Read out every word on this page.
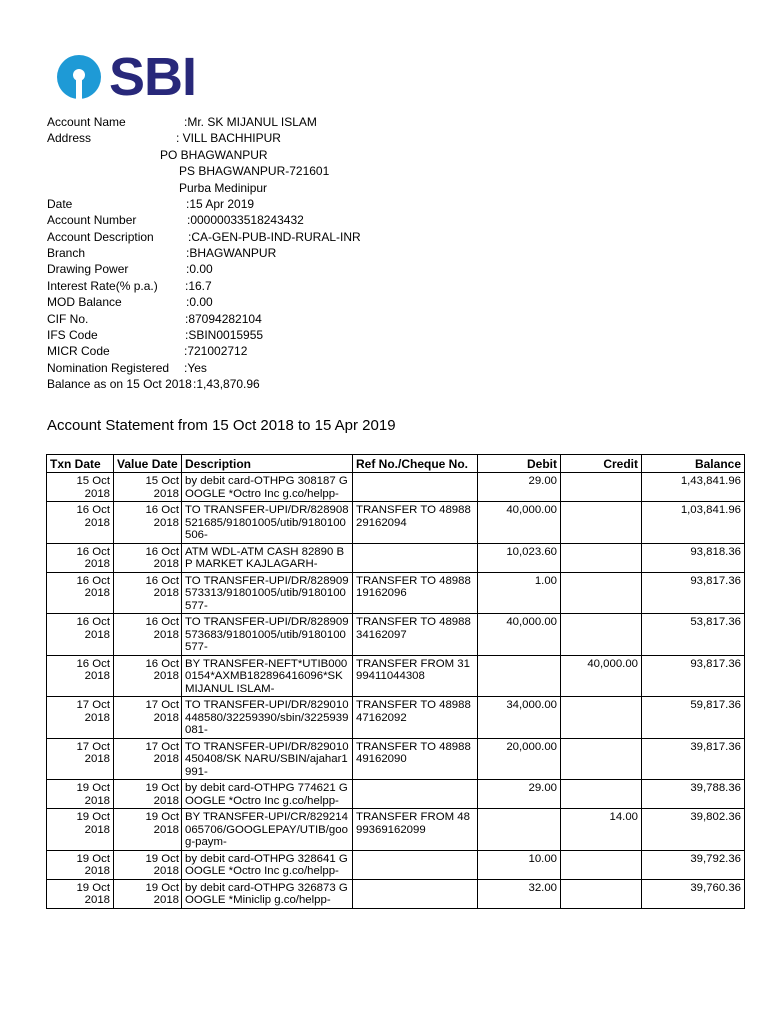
SBI
Account Name	:Mr. SK MIJANUL ISLAM
Address	: VILL BACHHIPUR
PO BHAGWANPUR
PS BHAGWANPUR-721601
Purba Medinipur
Date	:15 Apr 2019
Account Number	:00000033518243432
Account Description	:CA-GEN-PUB-IND-RURAL-INR
Branch	:BHAGWANPUR
Drawing Power	:0.00
Interest Rate(% p.a.) :16.7
MOD Balance	:0.00
CIF No.	:87094282104
IFS Code	:SBIN0015955
MICR Code	:721002712
Nomination Registered :Yes
Balance as on 15 Oct 2018 :1,43,870.96
Account Statement from 15 Oct 2018 to 15 Apr 2019
Txn Date	Value Date	Description	Ref No./Cheque No.	Debit	Credit	Balance
15 Oct 2018	15 Oct 2018	by debit card-OTHPG 308187 GOOGLE *Octro Inc g.co/helpp-		29.00		1,43,841.96
16 Oct 2018	16 Oct 2018	TO TRANSFER-UPI/DR/828908521685/91801005/utib/9180100506-	TRANSFER TO 4898829162094	40,000.00		1,03,841.96
16 Oct 2018	16 Oct 2018	ATM WDL-ATM CASH 82890 BP MARKET KAJLAGARH-		10,023.60		93,818.36
16 Oct 2018	16 Oct 2018	TO TRANSFER-UPI/DR/828909573313/91801005/utib/9180100577-	TRANSFER TO 4898819162096	1.00		93,817.36
16 Oct 2018	16 Oct 2018	TO TRANSFER-UPI/DR/828909573683/91801005/utib/9180100577-	TRANSFER TO 4898834162097	40,000.00		53,817.36
16 Oct 2018	16 Oct 2018	BY TRANSFER-NEFT*UTIB0000154*AXMB182896416096*SK MIJANUL ISLAM-	TRANSFER FROM 3199411044308		40,000.00	93,817.36
17 Oct 2018	17 Oct 2018	TO TRANSFER-UPI/DR/829010448580/32259390/sbin/3225939081-	TRANSFER TO 4898847162092	34,000.00		59,817.36
17 Oct 2018	17 Oct 2018	TO TRANSFER-UPI/DR/829010450408/SK NARU/SBIN/ajahar1991-	TRANSFER TO 4898849162090	20,000.00		39,817.36
19 Oct 2018	19 Oct 2018	by debit card-OTHPG 774621 GOOGLE *Octro Inc g.co/helpp-		29.00		39,788.36
19 Oct 2018	19 Oct 2018	BY TRANSFER-UPI/CR/829214065706/GOOGLEPAY/UTIB/goog-paym-	TRANSFER FROM 4899369162099		14.00	39,802.36
19 Oct 2018	19 Oct 2018	by debit card-OTHPG 328641 GOOGLE *Octro Inc g.co/helpp-		10.00		39,792.36
19 Oct 2018	19 Oct 2018	by debit card-OTHPG 326873 GOOGLE *Miniclip g.co/helpp-		32.00		39,760.36
